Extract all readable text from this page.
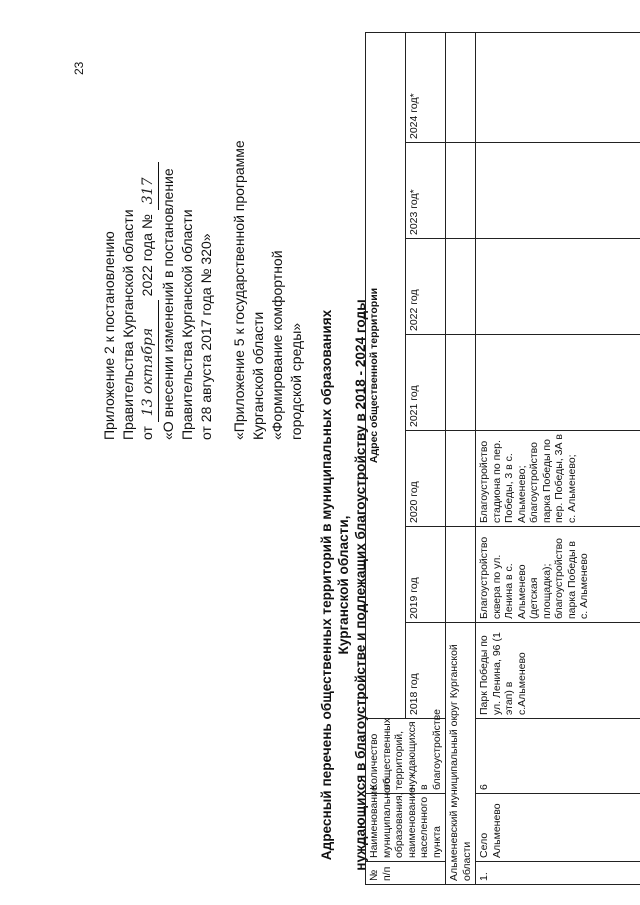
23
Приложение 2 к постановлению Правительства Курганской области от 13 октября 2022 года № 317 «О внесении изменений в постановление Правительства Курганской области от 28 августа 2017 года № 320» «Приложение 5 к государственной программе Курганской области «Формирование комфортной городской среды» Адресный перечень общественных территорий в муниципальных образованиях Курганской области, нуждающихся в благоустройстве и подлежащих благоустройству в 2018 - 2024 годы
№ п/п	Наименование муниципального образования, наименование населенного пункта	Количество общественных территорий, нуждающихся в благоустройстве	Адрес общественной территории						
			2018 год	2019 год	2020 год	2021 год	2022 год	2023 год*	2024 год*
Альменевский муниципальный округ Курганской области									
1.	Село Альменево	6	Парк Победы по ул. Ленина, 96 (1 этап) в с.Альменево	Благоустройство сквера по ул. Ленина в с. Альменево (детская площадка); благоустройство парка Победы в с. Альменево	Благоустройство стадиона по пер. Победы, 3 в с. Альменево; благоустройство парка Победы по пер. Победы, 3А в с. Альменево;				
